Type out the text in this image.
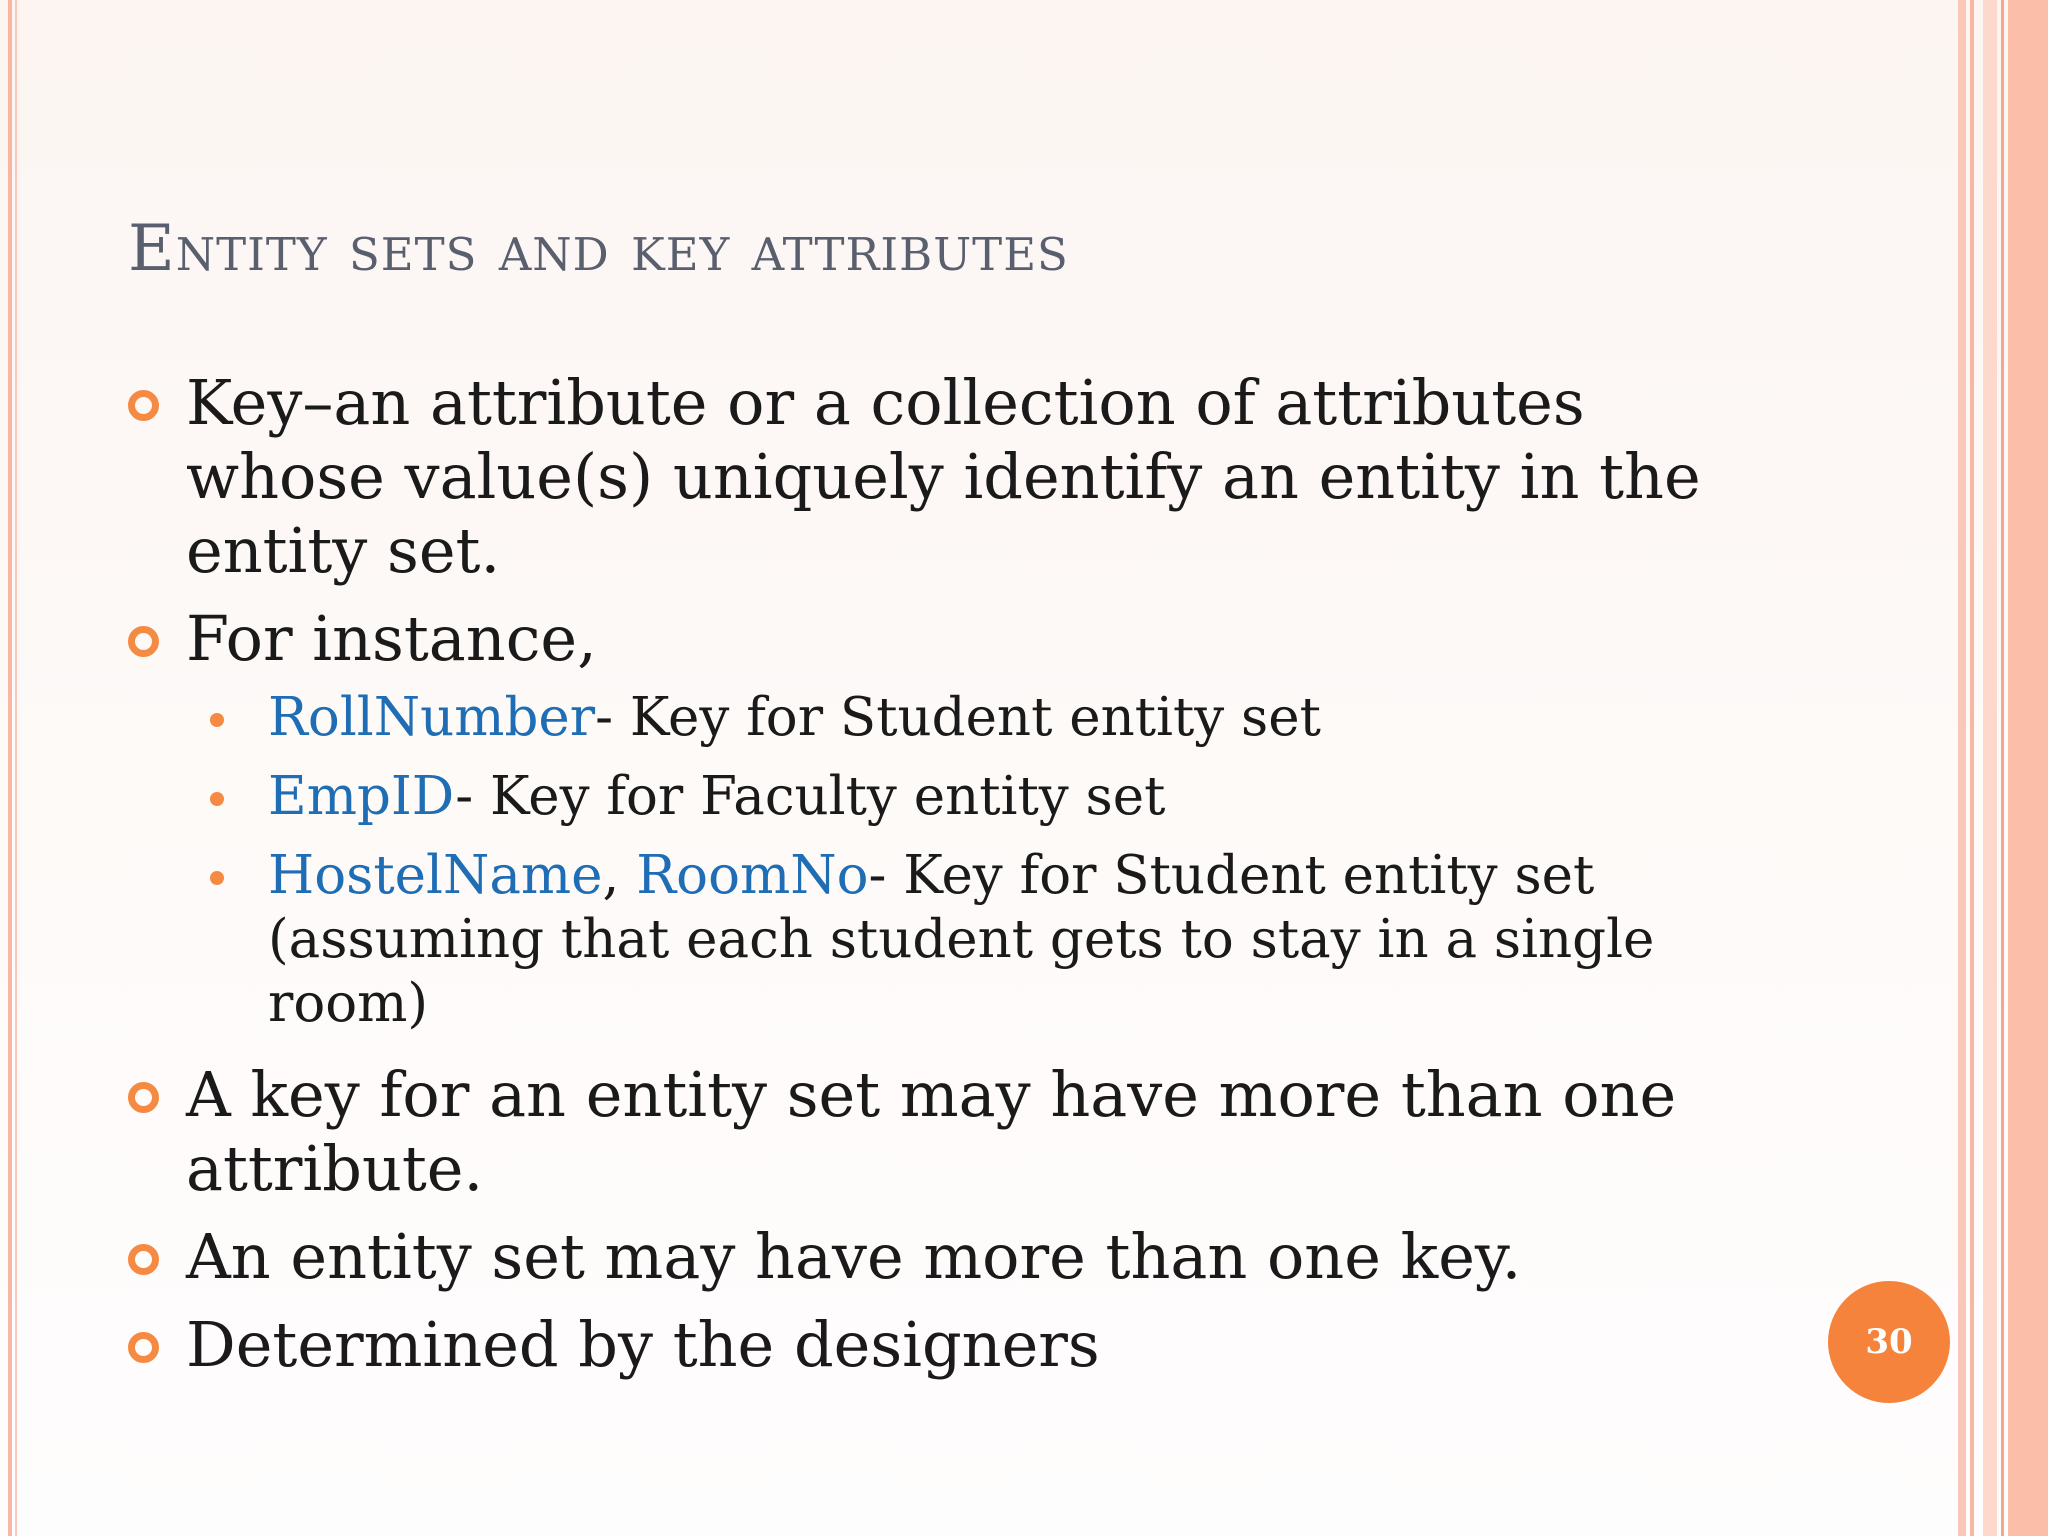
Entity sets and key attributes

Key–an attribute or a collection of attributes whose value(s) uniquely identify an entity in the entity set.

For instance,

RollNumber- Key for Student entity set

EmpID- Key for Faculty entity set

HostelName, RoomNo- Key for Student entity set (assuming that each student gets to stay in a single room)

A key for an entity set may have more than one attribute.

An entity set may have more than one key.

Determined by the designers	30
